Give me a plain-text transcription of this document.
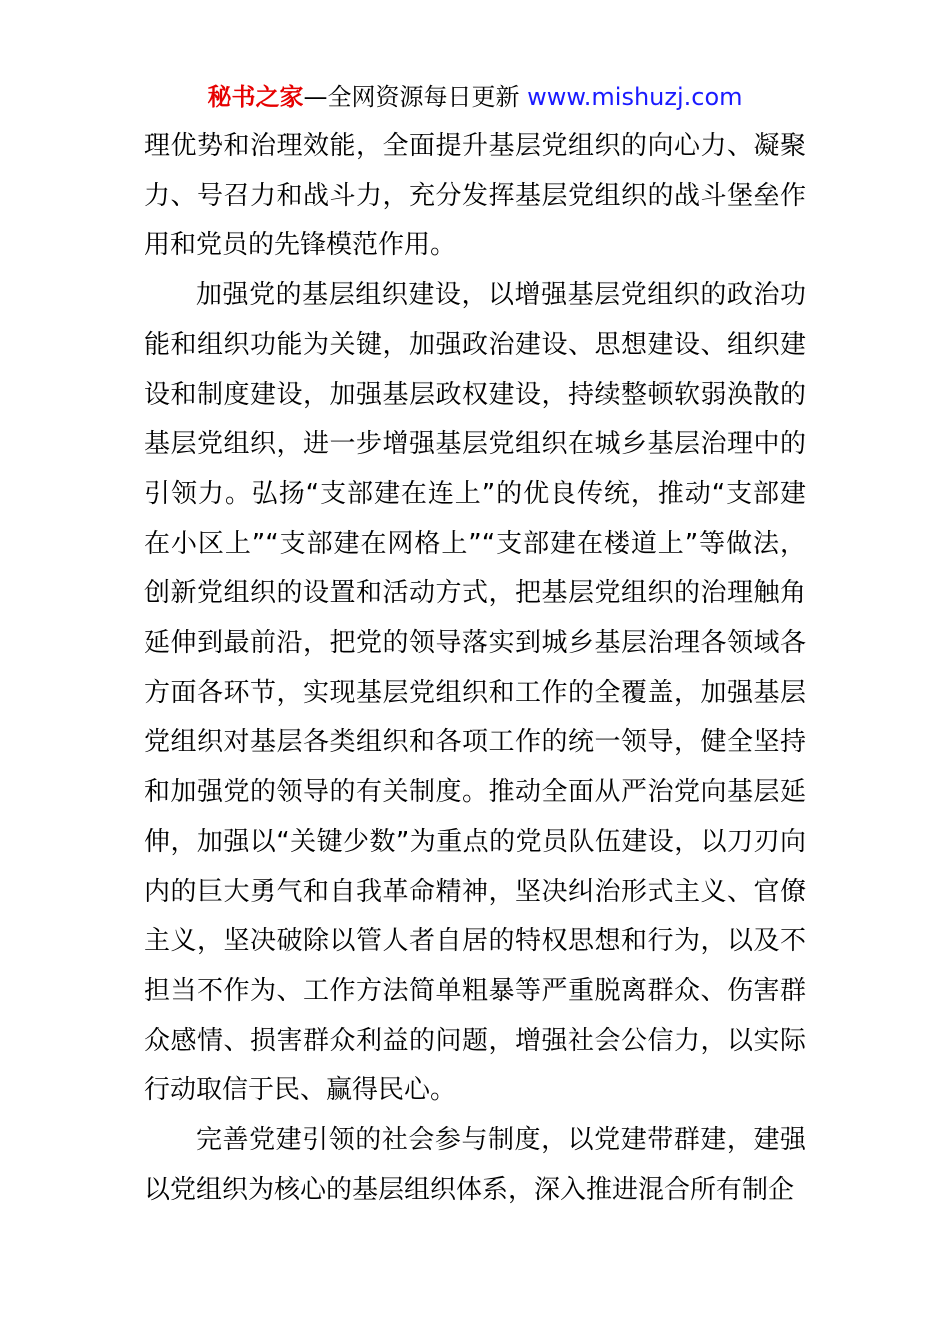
秘书之家—全网资源每日更新 www.mishuzj.com

理优势和治理效能，全面提升基层党组织的向心力、凝聚力、号召力和战斗力，充分发挥基层党组织的战斗堡垒作用和党员的先锋模范作用。

加强党的基层组织建设，以增强基层党组织的政治功能和组织功能为关键，加强政治建设、思想建设、组织建设和制度建设，加强基层政权建设，持续整顿软弱涣散的基层党组织，进一步增强基层党组织在城乡基层治理中的引领力。弘扬“支部建在连上”的优良传统，推动“支部建在小区上”“支部建在网格上”“支部建在楼道上”等做法，创新党组织的设置和活动方式，把基层党组织的治理触角延伸到最前沿，把党的领导落实到城乡基层治理各领域各方面各环节，实现基层党组织和工作的全覆盖，加强基层党组织对基层各类组织和各项工作的统一领导，健全坚持和加强党的领导的有关制度。推动全面从严治党向基层延伸，加强以“关键少数”为重点的党员队伍建设，以刀刃向内的巨大勇气和自我革命精神，坚决纠治形式主义、官僚主义，坚决破除以管人者自居的特权思想和行为，以及不担当不作为、工作方法简单粗暴等严重脱离群众、伤害群众感情、损害群众利益的问题，增强社会公信力，以实际行动取信于民、赢得民心。

完善党建引领的社会参与制度，以党建带群建，建强以党组织为核心的基层组织体系，深入推进混合所有制企
